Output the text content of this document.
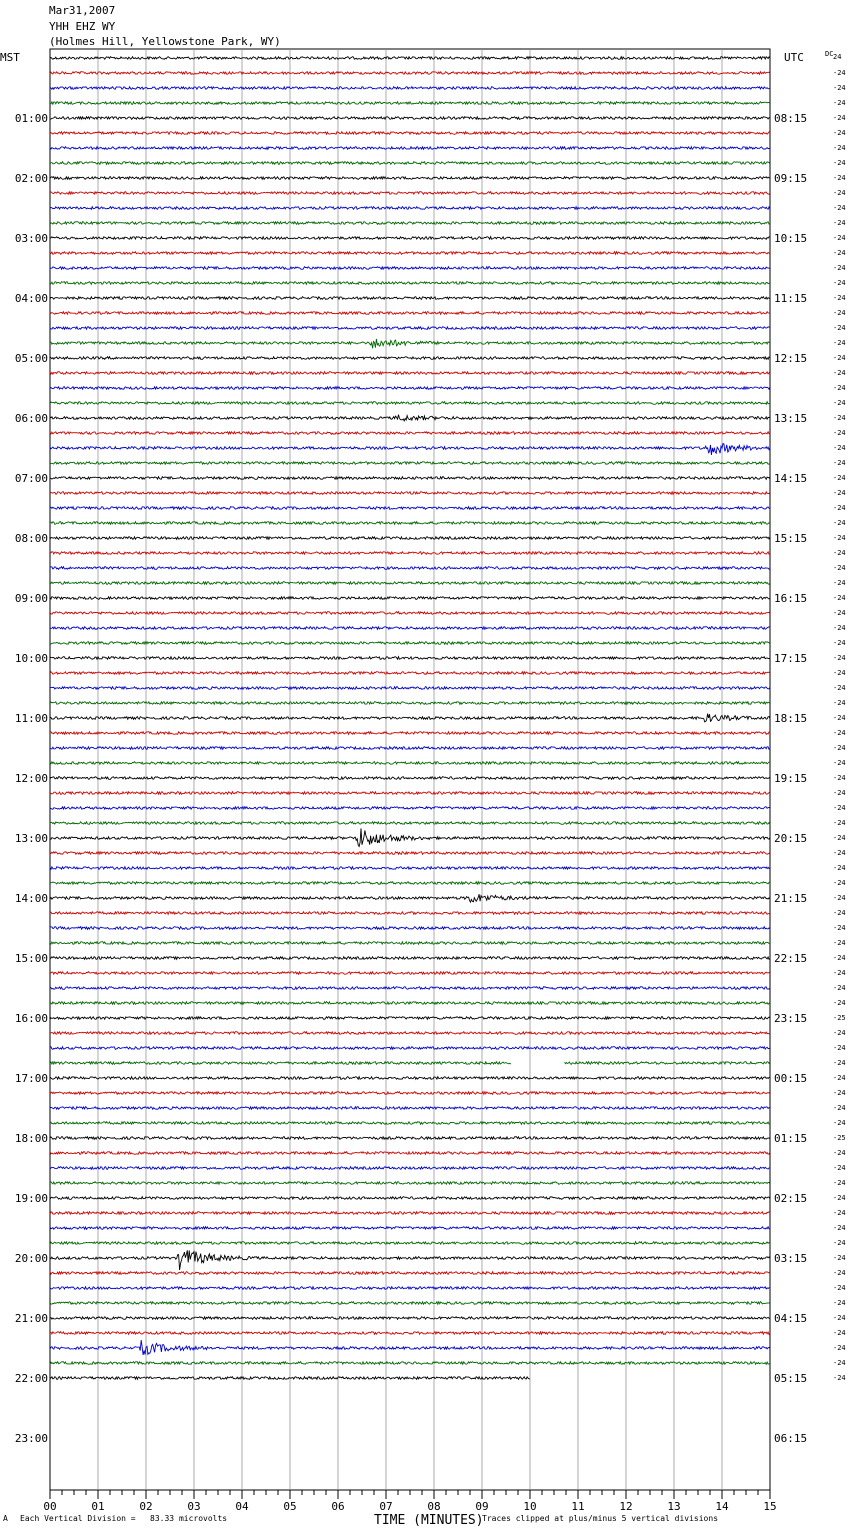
Mar31,2007
YHH EHZ WY
(Holmes Hill, Yellowstone Park, WY)
MST	UTC
00	01	02	03	04	05	06	07	08	09	10	11	12	13	14	15
24
-24
-24
-24
-24
-24
-24
-24
-24
-24
-24
-24
-24
-24
-24
-24
-24
-24
-24
-24
-24
-24
-24
-24
-24
-24
-24
-24
-24
-24
-24
-24
-24
-24
-24
-24
-24
-24
-24
-24
-24
-24
-24
-24
-24
-24
-24
-24
-24
-24
-24
-24
-24
-24
-24
-24
-24
-24
-24
-24
-24
-24
-24
-24
-25
-24
-24
-24
-24
-24
-24
-24
-25
-24
-24
-24
-24
-24
-24
-24
-24
-24
-24
-24
-24
-24
-24
-24
-24
DC
01:00
02:00
03:00
04:00
05:00
06:00
07:00
08:00
09:00
10:00
11:00
12:00
13:00
14:00
15:00
16:00
17:00
18:00
19:00
20:00
21:00
22:00
23:00
08:15
09:15
10:15
11:15
12:15
13:15
14:15
15:15
16:15
17:15
18:15
19:15
20:15
21:15
22:15
23:15
00:15
01:15
02:15
03:15
04:15
05:15
06:15
A Each Vertical Division =   83.33 microvolts	TIME (MINUTES)
Traces clipped at plus/minus 5 vertical divisions
